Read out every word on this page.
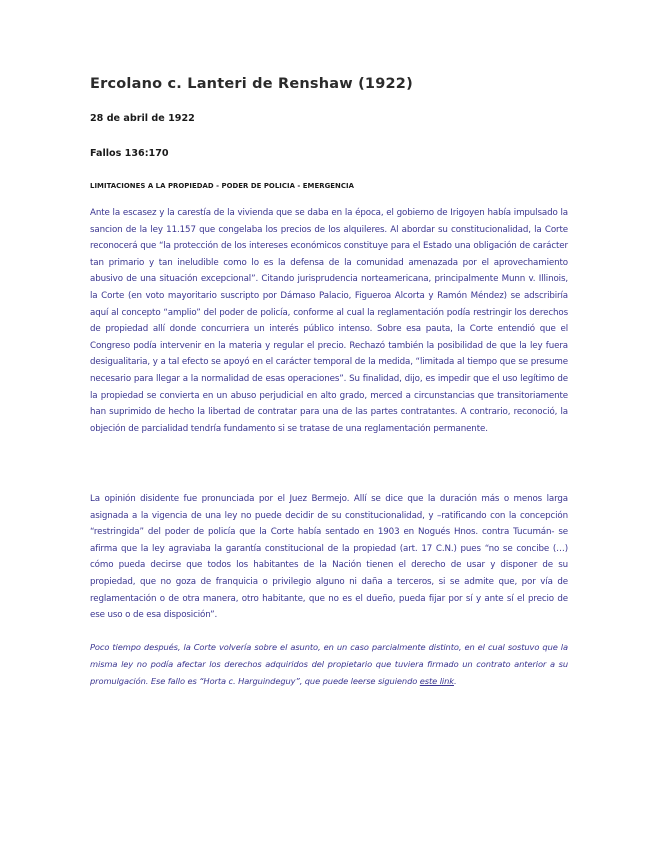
Ercolano c. Lanteri de Renshaw (1922)

28 de abril de 1922

Fallos 136:170

LIMITACIONES A LA PROPIEDAD - PODER DE POLICIA - EMERGENCIA

Ante la escasez y la carestía de la vivienda que se daba en la época, el gobierno de Irigoyen había impulsado la sancion de la ley 11.157 que congelaba los precios de los alquileres. Al abordar su constitucionalidad, la Corte reconocerá que “la protección de los intereses económicos constituye para el Estado una obligación de carácter tan primario y tan ineludible como lo es la defensa de la comunidad amenazada por el aprovechamiento abusivo de una situación excepcional”. Citando jurisprudencia norteamericana, principalmente Munn v. Illinois, la Corte (en voto mayoritario suscripto por Dámaso Palacio, Figueroa Alcorta y Ramón Méndez) se adscribiría aquí al concepto “amplio” del poder de policía, conforme al cual la reglamentación podía restringir los derechos de propiedad allí donde concurriera un interés público intenso. Sobre esa pauta, la Corte entendió que el Congreso podía intervenir en la materia y regular el precio. Rechazó también la posibilidad de que la ley fuera desigualitaria, y a tal efecto se apoyó en el carácter temporal de la medida, “limitada al tiempo que se presume necesario para llegar a la normalidad de esas operaciones”. Su finalidad, dijo, es impedir que el uso legítimo de la propiedad se convierta en un abuso perjudicial en alto grado, merced a circunstancias que transitoriamente han suprimido de hecho la libertad de contratar para una de las partes contratantes. A contrario, reconoció, la objeción de parcialidad tendría fundamento si se tratase de una reglamentación permanente.

La opinión disidente fue pronunciada por el Juez Bermejo. Allí se dice que la duración más o menos larga asignada a la vigencia de una ley no puede decidir de su constitucionalidad, y –ratificando con la concepción “restringida” del poder de policía que la Corte había sentado en 1903 en Nogués Hnos. contra Tucumán- se afirma que la ley agraviaba la garantía constitucional de la propiedad (art. 17 C.N.) pues “no se concibe (…) cómo pueda decirse que todos los habitantes de la Nación tienen el derecho de usar y disponer de su propiedad, que no goza de franquicia o privilegio alguno ni daña a terceros, si se admite que, por vía de reglamentación o de otra manera, otro habitante, que no es el dueño, pueda fijar por sí y ante sí el precio de ese uso o de esa disposición”.

Poco tiempo después, la Corte volvería sobre el asunto, en un caso parcialmente distinto, en el cual sostuvo que la misma ley no podía afectar los derechos adquiridos del propietario que tuviera firmado un contrato anterior a su promulgación. Ese fallo es “Horta c. Harguindeguy”, que puede leerse siguiendo este link.
